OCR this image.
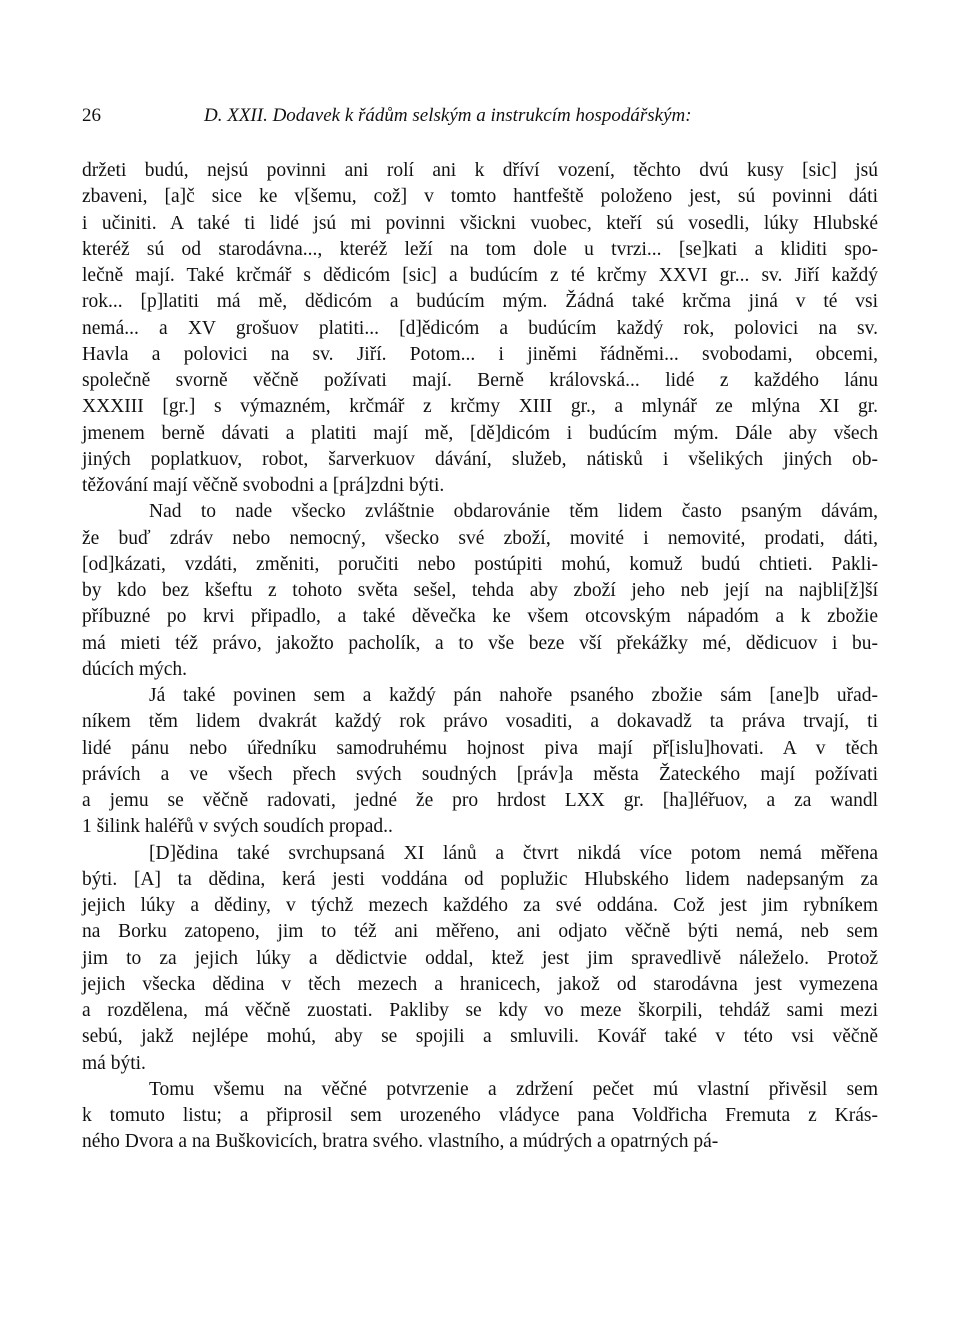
26	D. XXII. Dodavek k řádům selským a instrukcím hospodářským:
držeti budú, nejsú povinni ani rolí ani k dříví vození, těchto dvú kusy [sic] jsú
zbaveni, [a]č sice ke v[šemu, což] v tomto hantfeště položeno jest, sú povinni dáti
i učiniti. A také ti lidé jsú mi povinni všicknі vuobec, kteří sú vosedli, lúky Hlubské
kteréž sú od starodávna..., kteréž leží na tom dole u tvrzi... [se]kati a kliditi spo-
lečně mají. Také krčmář s dědicóm [sic] a budúcím z té krčmy XXVI gr... sv. Jiří každý
rok... [p]latiti má mě, dědicóm a budúcím mým. Žádná také krčma jiná v té vsi
nemá... a XV grošuov platiti... [d]ědicóm a budúcím každý rok, polovici na sv.
Havla a polovici na sv. Jiří. Potom... i jiněmi řádněmi... svobodami, obcemi,
společně svorně věčně požívati mají. Berně královská... lidé z každého lánu
XXXIII [gr.] s výmazném, krčmář z krčmy XIII gr., a mlynář ze mlýna XI gr.
jmenem berně dávati a platiti mají mě, [dě]dicóm i budúcím mým. Dále aby všech
jiných poplatkuov, robot, šarverkuov dávání, služeb, nátisků i všelikých jiných ob-
těžování mají věčně svobodni a [prá]zdni býti.
Nad to nade všecko zvláštnie obdarovánie těm lidem často psaným dávám,
že buď zdráv nebo nemocný, všecko své zboží, movité i nemovité, prodati, dáti,
[od]kázati, vzdáti, změniti, poručiti nebo postúpiti mohú, komuž budú chtieti. Pakli-
by kdo bez kšeftu z tohoto světa sešel, tehda aby zboží jeho neb její na najbli[ž]ší
příbuzné po krvi připadlo, a také děvečka ke všem otcovským nápadóm a k zbožie
má mieti též právo, jakožto pacholík, a to vše beze vší překážky mé, dědicuov i bu-
dúcích mých.
Já také povinen sem a každý pán nahoře psaného zbožie sám [ane]b uřad-
níkem těm lidem dvakrát každý rok právo vosaditi, a dokavadž ta práva trvají, ti
lidé pánu nebo úředníku samodruhému hojnost piva mají př[islu]hovati. A v těch
právích a ve všech přech svých soudných [práv]a města Žateckého mají požívati
a jemu se věčně radovati, jedné že pro hrdost LXX gr. [ha]léřuov, a za wandl
1 šilink haléřů v svých soudích propad..
[D]ědina také svrchupsaná XI lánů a čtvrt nikdá více potom nemá měřena
býti. [A] ta dědina, kerá jesti voddána od poplužic Hlubského lidem nadepsaným za
jejich lúky a dědiny, v týchž mezech každého za své oddána. Což jest jim rybníkem
na Borku zatopeno, jim to též ani měřeno, ani odjato věčně býti nemá, neb sem
jim to za jejich lúky a dědictvie oddal, ktež jest jim spravedlivě náleželo. Protož
jejich všecka dědina v těch mezech a hranicech, jakož od starodávna jest vymezena
a rozdělena, má věčně zuostati. Pakliby se kdy vo meze škorpili, tehdáž sami mezi
sebú, jakž nejlépe mohú, aby se spojili a smluvili. Kovář také v této vsi věčně
má býti.
Tomu všemu na věčné potvrzenie a zdržení pečet mú vlastní přivěsil sem
k tomuto listu; a připrosil sem urozeného vládyce pana Voldřicha Fremuta z Krás-
ného Dvora a na Buškovicích, bratra svého. vlastního, a múdrých a opatrných pá-
